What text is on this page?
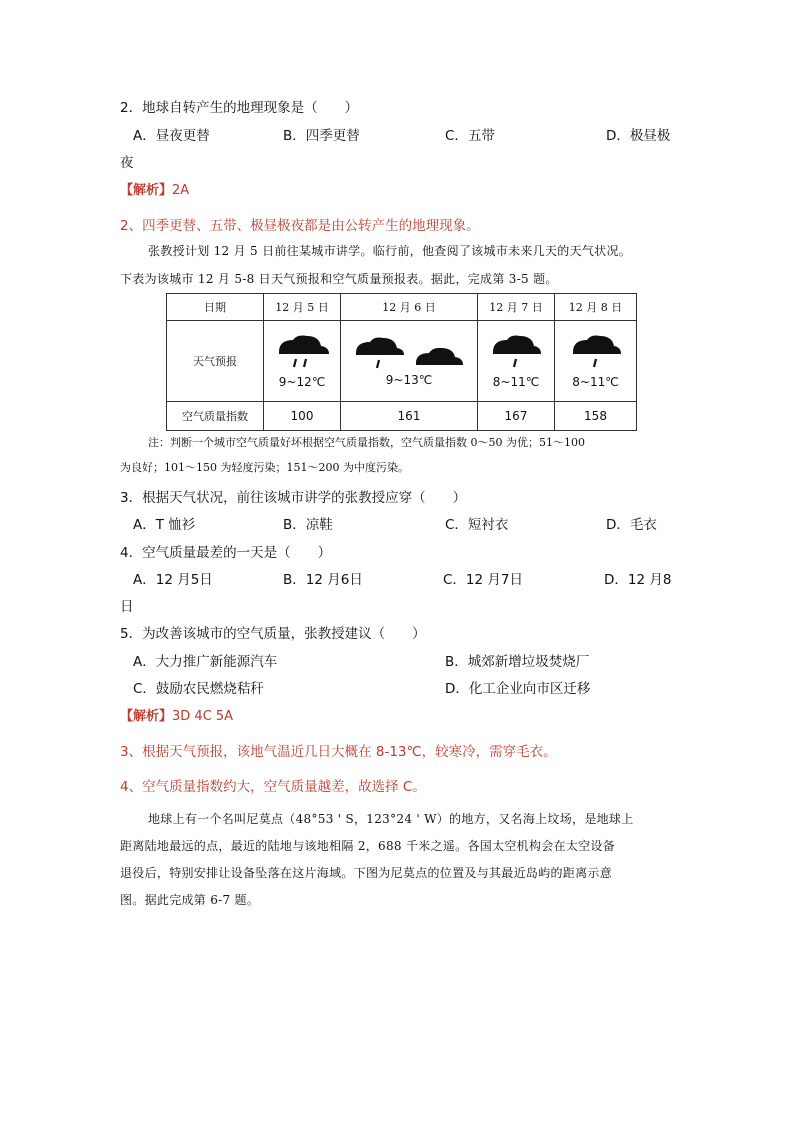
2．地球自转产生的地理现象是（　　）
A．昼夜更替	B．四季更替	C．五带	D．极昼极
夜
【解析】2A
2、四季更替、五带、极昼极夜都是由公转产生的地理现象。
张教授计划 12 月 5 日前往某城市讲学。临行前，他查阅了该城市未来几天的天气状况。
下表为该城市 12 月 5-8 日天气预报和空气质量预报表。据此，完成第 3-5 题。
日期	12 月 5 日	12 月 6 日	12 月 7 日	12 月 8 日
天气预报	9~12℃	9~13℃	8~11℃	8~11℃

空气质量指数	100	161	167	158
注：判断一个城市空气质量好坏根据空气质量指数，空气质量指数 0～50 为优；51～100
为良好；101～150 为轻度污染；151～200 为中度污染。
3．根据天气状况，前往该城市讲学的张教授应穿（　　）
A．T 恤衫	B．凉鞋	C．短衬衣	D．毛衣
4．空气质量最差的一天是（　　）
A．12 月5日	B．12 月6日	C．12 月7日	D．12 月8
日
5．为改善该城市的空气质量，张教授建议（　　）
A．大力推广新能源汽车	B．城郊新增垃圾焚烧厂
C．鼓励农民燃烧秸秆	D．化工企业向市区迁移
【解析】3D 4C 5A
3、根据天气预报，该地气温近几日大概在 8-13℃，较寒冷，需穿毛衣。
4、空气质量指数约大，空气质量越差，故选择 C。
地球上有一个名叫尼莫点（48°53 ' S，123°24 ' W）的地方，又名海上坟场，是地球上
距离陆地最远的点，最近的陆地与该地相隔 2，688 千米之遥。各国太空机构会在太空设备
退役后，特别安排让设备坠落在这片海域。下图为尼莫点的位置及与其最近岛屿的距离示意
图。据此完成第 6-7 题。
